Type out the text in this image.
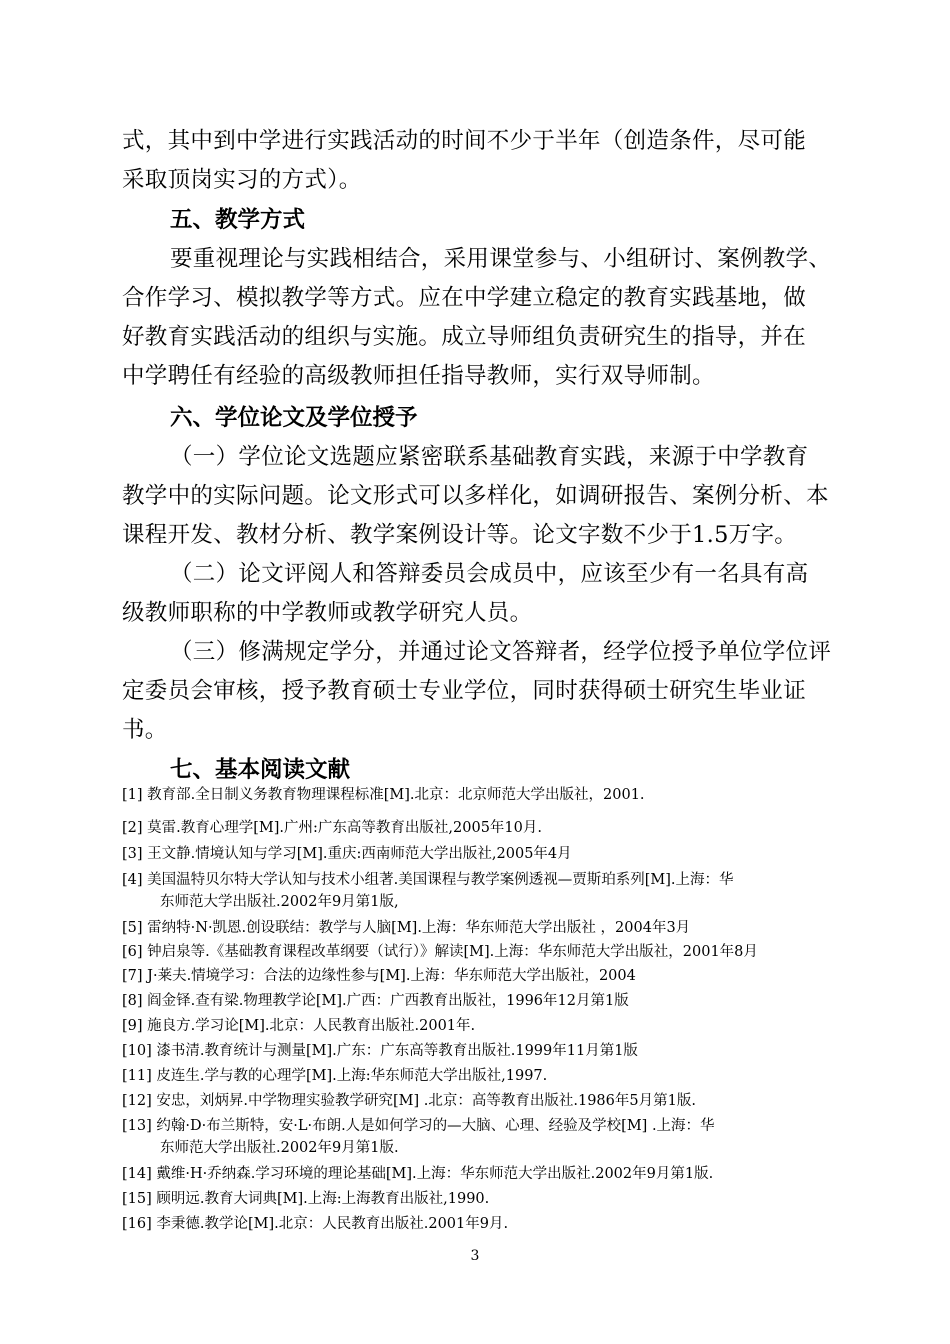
式，其中到中学进行实践活动的时间不少于半年（创造条件，尽可能
采取顶岗实习的方式）。
五、教学方式
要重视理论与实践相结合，采用课堂参与、小组研讨、案例教学、
合作学习、模拟教学等方式。应在中学建立稳定的教育实践基地，做
好教育实践活动的组织与实施。成立导师组负责研究生的指导，并在
中学聘任有经验的高级教师担任指导教师，实行双导师制。
六、学位论文及学位授予
（一）学位论文选题应紧密联系基础教育实践，来源于中学教育
教学中的实际问题。论文形式可以多样化，如调研报告、案例分析、本
课程开发、教材分析、教学案例设计等。论文字数不少于1.5万字。
（二）论文评阅人和答辩委员会成员中，应该至少有一名具有高
级教师职称的中学教师或教学研究人员。
（三）修满规定学分，并通过论文答辩者，经学位授予单位学位评
定委员会审核，授予教育硕士专业学位，同时获得硕士研究生毕业证
书。
七、基本阅读文献
[1] 教育部.全日制义务教育物理课程标准[M].北京：北京师范大学出版社，2001.
[2] 莫雷.教育心理学[M].广州:广东高等教育出版社,2005年10月.
[3] 王文静.情境认知与学习[M].重庆:西南师范大学出版社,2005年4月
[4] 美国温特贝尔特大学认知与技术小组著.美国课程与教学案例透视—贾斯珀系列[M].上海：华
东师范大学出版社.2002年9月第1版,
[5] 雷纳特·N·凯恩.创设联结：教学与人脑[M].上海：华东师范大学出版社 ，2004年3月
[6] 钟启泉等.《基础教育课程改革纲要（试行）》解读[M].上海：华东师范大学出版社，2001年8月
[7] J·莱夫.情境学习：合法的边缘性参与[M].上海：华东师范大学出版社，2004
[8] 阎金铎.查有梁.物理教学论[M].广西：广西教育出版社，1996年12月第1版
[9] 施良方.学习论[M].北京：人民教育出版社.2001年.
[10] 漆书清.教育统计与测量[M].广东：广东高等教育出版社.1999年11月第1版
[11] 皮连生.学与教的心理学[M].上海:华东师范大学出版社,1997.
[12] 安忠，刘炳昇.中学物理实验教学研究[M] .北京：高等教育出版社.1986年5月第1版.
[13] 约翰·D·布兰斯特，安·L·布朗.人是如何学习的—大脑、心理、经验及学校[M] .上海：华
东师范大学出版社.2002年9月第1版.
[14] 戴维·H·乔纳森.学习环境的理论基础[M].上海：华东师范大学出版社.2002年9月第1版.
[15] 顾明远.教育大词典[M].上海:上海教育出版社,1990.
[16] 李秉德.教学论[M].北京：人民教育出版社.2001年9月.
3
